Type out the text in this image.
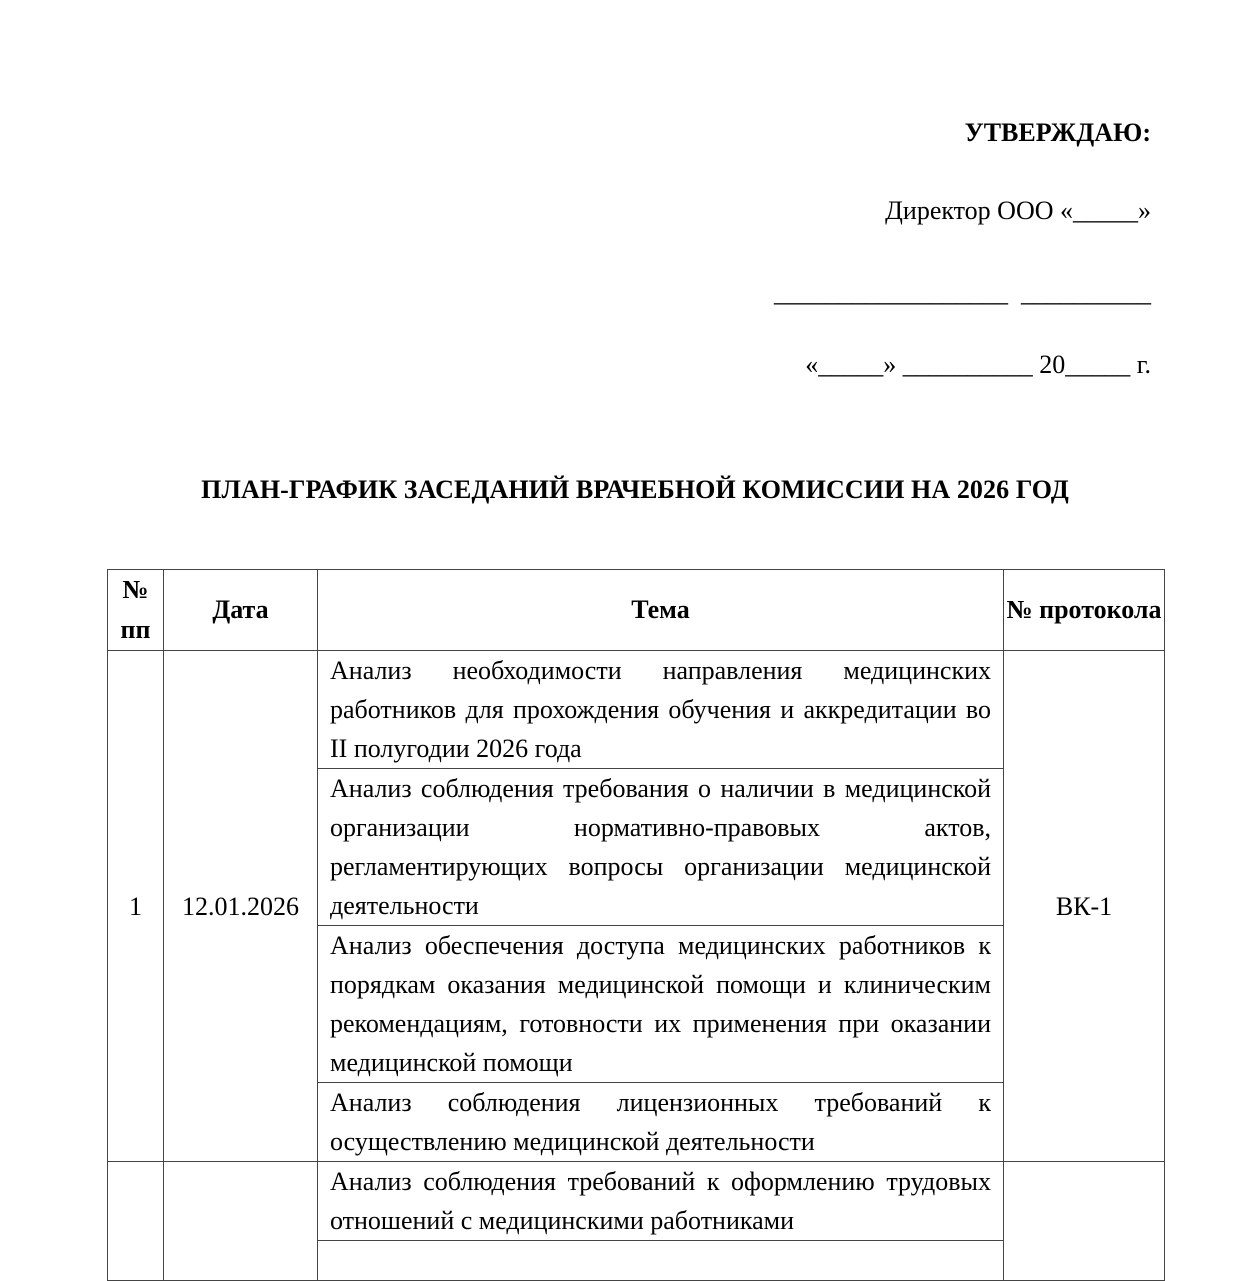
УТВЕРЖДАЮ:
Директор ООО «_____»
__________________  __________
«_____» __________ 20_____ г.
ПЛАН-ГРАФИК ЗАСЕДАНИЙ ВРАЧЕБНОЙ КОМИССИИ НА 2026 ГОД
№ пп	Дата	Тема	№ протокола
1	12.01.2026	Анализ необходимости направления медицинских работников для прохождения обучения и аккредитации во II полугодии 2026 года
Анализ соблюдения требования о наличии в медицинской организации нормативно-правовых актов, регламентирующих вопросы организации медицинской деятельности
Анализ обеспечения доступа медицинских работников к порядкам оказания медицинской помощи и клиническим рекомендациям, готовности их применения при оказании медицинской помощи
Анализ соблюдения лицензионных требований к осуществлению медицинской деятельности	ВК-1

		Анализ соблюдения требований к оформлению трудовых отношений с медицинскими работниками	
